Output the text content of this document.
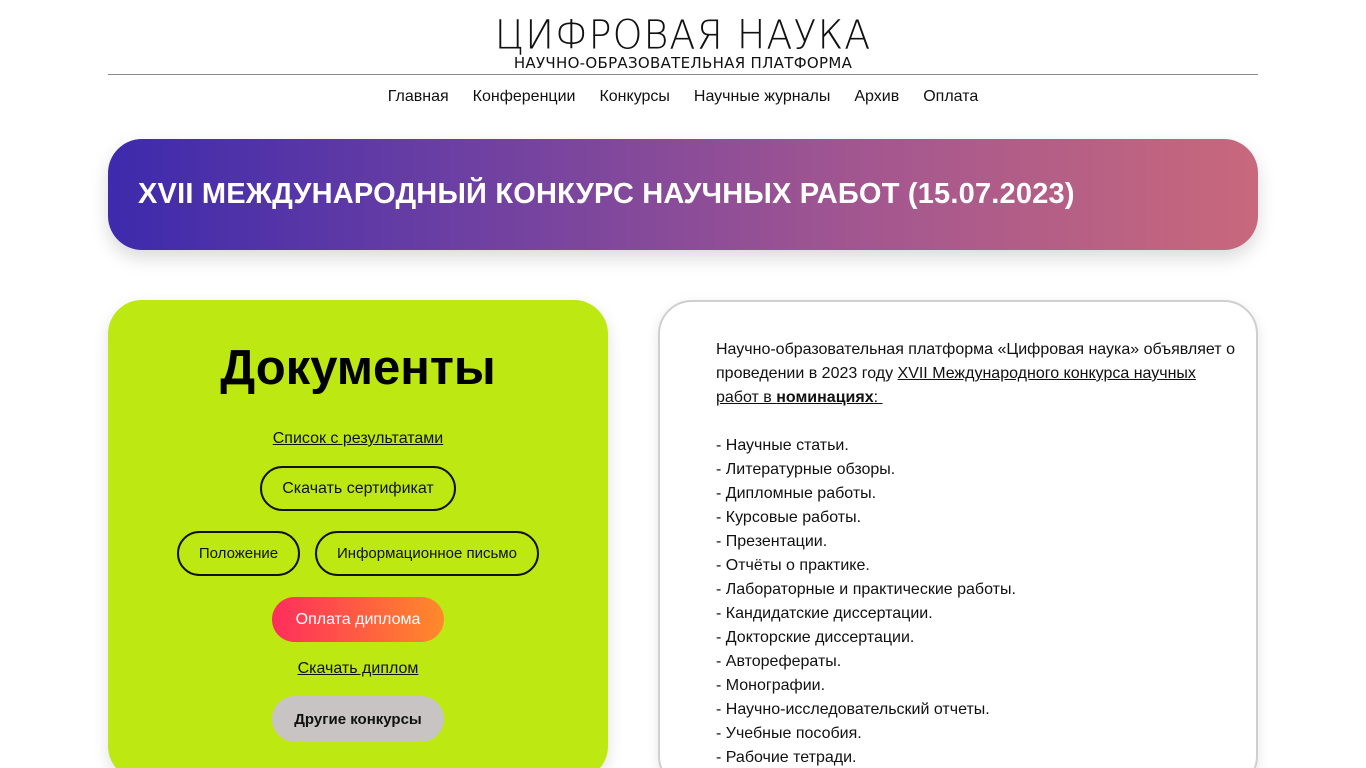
ЦИФРОВАЯ НАУКА
НАУЧНО-ОБРАЗОВАТЕЛЬНАЯ ПЛАТФОРМА
Главная Конференции Конкурсы Научные журналы Архив Оплата
XVII МЕЖДУНАРОДНЫЙ КОНКУРС НАУЧНЫХ РАБОТ (15.07.2023)
Документы
Список с результатами
Скачать сертификат
Положение	Информационное письмо
Оплата диплома
Скачать диплом
Другие конкурсы
Научно-образовательная платформа «Цифровая наука» объявляет о проведении в 2023 году XVII Международного конкурса научных работ в номинациях:
- Научные статьи.
- Литературные обзоры.
- Дипломные работы.
- Курсовые работы.
- Презентации.
- Отчёты о практике.
- Лабораторные и практические работы.
- Кандидатские диссертации.
- Докторские диссертации.
- Авторефераты.
- Монографии.
- Научно-исследовательский отчеты.
- Учебные пособия.
- Рабочие тетради.
